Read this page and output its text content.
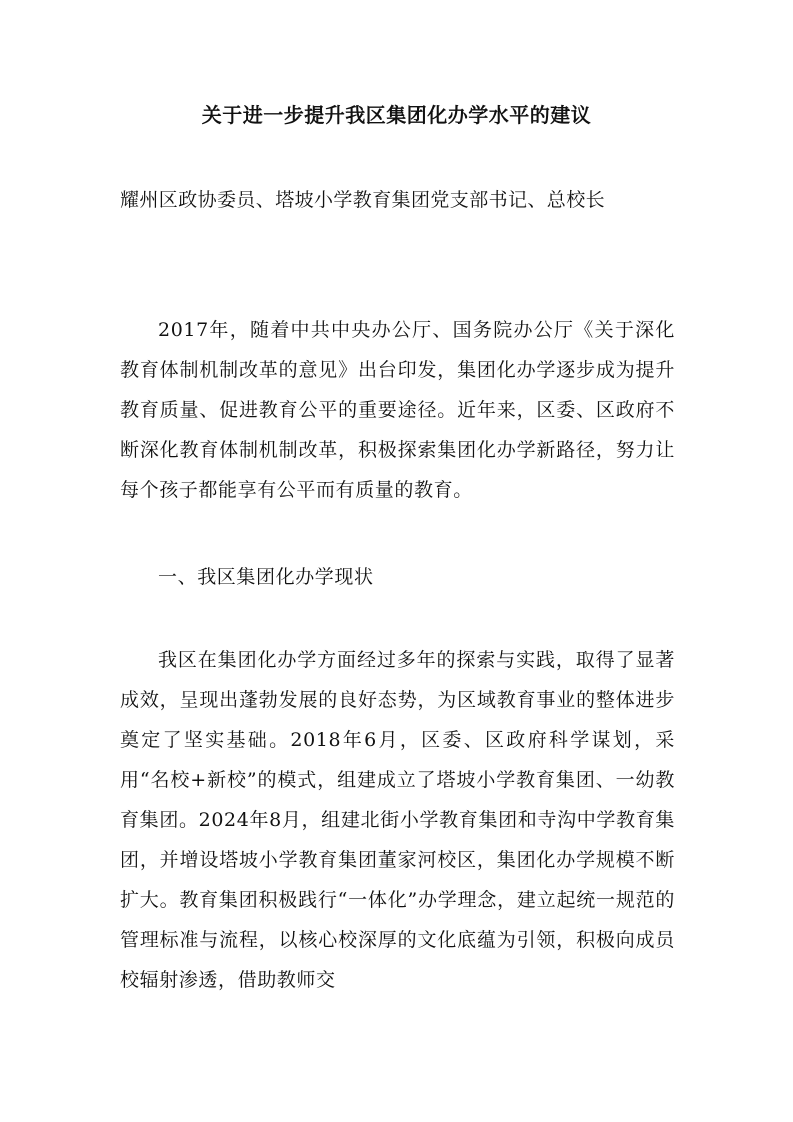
关于进一步提升我区集团化办学水平的建议
耀州区政协委员、塔坡小学教育集团党支部书记、总校长

2017年，随着中共中央办公厅、国务院办公厅《关于深化教育体制机制改革的意见》出台印发，集团化办学逐步成为提升教育质量、促进教育公平的重要途径。近年来，区委、区政府不断深化教育体制机制改革，积极探索集团化办学新路径，努力让每个孩子都能享有公平而有质量的教育。

一、我区集团化办学现状

我区在集团化办学方面经过多年的探索与实践，取得了显著成效，呈现出蓬勃发展的良好态势，为区域教育事业的整体进步奠定了坚实基础。2018年6月，区委、区政府科学谋划，采用“名校+新校”的模式，组建成立了塔坡小学教育集团、一幼教育集团。2024年8月，组建北街小学教育集团和寺沟中学教育集团，并增设塔坡小学教育集团董家河校区，集团化办学规模不断扩大。教育集团积极践行“一体化”办学理念，建立起统一规范的管理标准与流程，以核心校深厚的文化底蕴为引领，积极向成员校辐射渗透，借助教师交
